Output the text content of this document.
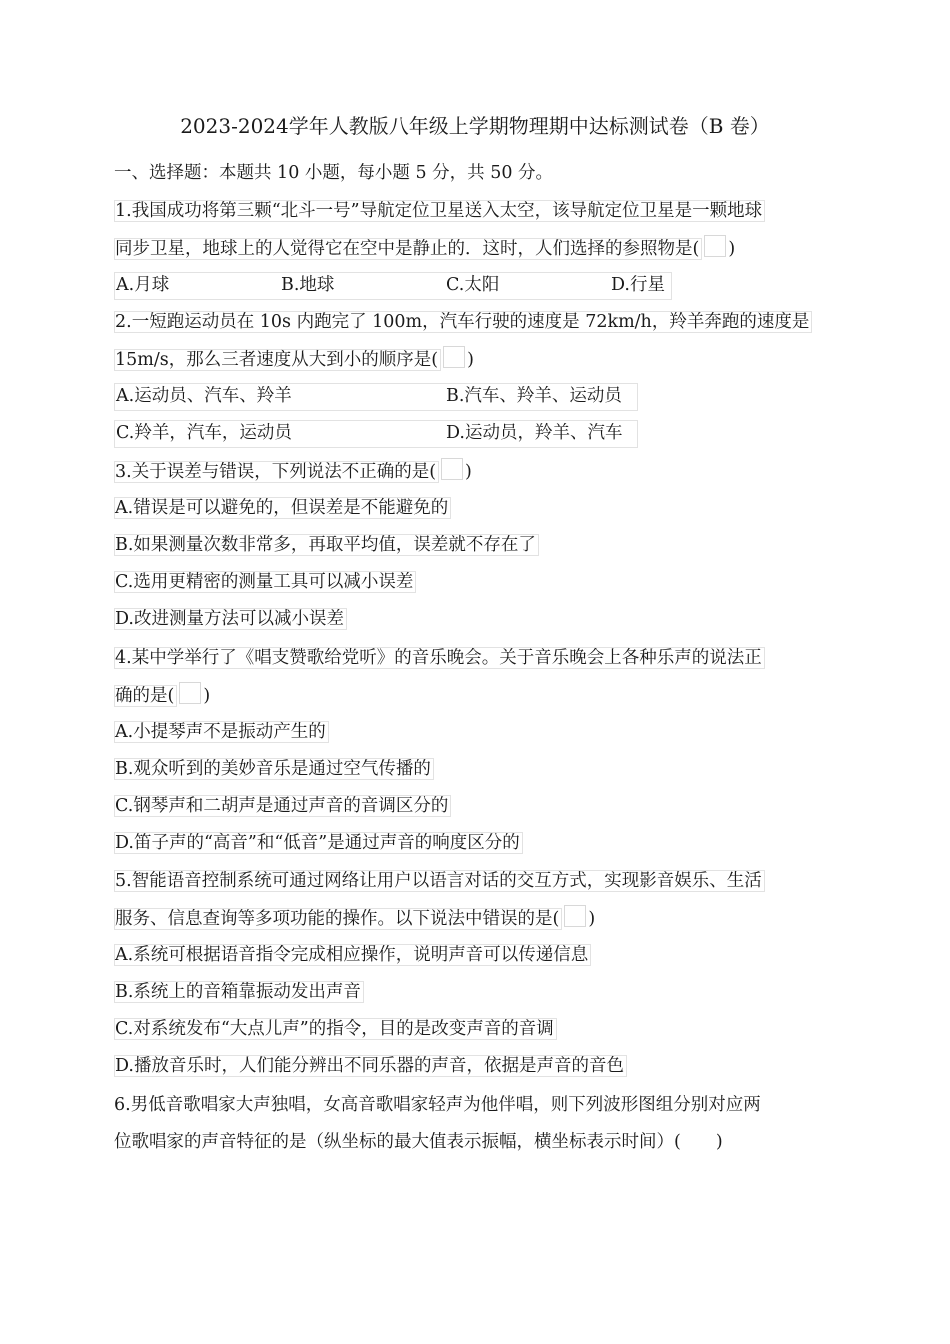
2023-2024学年人教版八年级上学期物理期中达标测试卷（B 卷）
一、选择题：本题共 10 小题，每小题 5 分，共 50 分。
1.我国成功将第三颗“北斗一号”导航定位卫星送入太空，该导航定位卫星是一颗地球
同步卫星，地球上的人觉得它在空中是静止的．这时，人们选择的参照物是( )
A.月球	B.地球	C.太阳	D.行星
2.一短跑运动员在 10s 内跑完了 100m，汽车行驶的速度是 72km/h，羚羊奔跑的速度是
15m/s，那么三者速度从大到小的顺序是( )
A.运动员、汽车、羚羊	B.汽车、羚羊、运动员
C.羚羊，汽车，运动员	D.运动员，羚羊、汽车
3.关于误差与错误，下列说法不正确的是( )
A.错误是可以避免的，但误差是不能避免的
B.如果测量次数非常多，再取平均值，误差就不存在了
C.选用更精密的测量工具可以减小误差
D.改进测量方法可以减小误差
4.某中学举行了《唱支赞歌给党听》的音乐晚会。关于音乐晚会上各种乐声的说法正
确的是( )
A.小提琴声不是振动产生的
B.观众听到的美妙音乐是通过空气传播的
C.钢琴声和二胡声是通过声音的音调区分的
D.笛子声的“高音”和“低音”是通过声音的响度区分的
5.智能语音控制系统可通过网络让用户以语言对话的交互方式，实现影音娱乐、生活
服务、信息查询等多项功能的操作。以下说法中错误的是( )
A.系统可根据语音指令完成相应操作，说明声音可以传递信息
B.系统上的音箱靠振动发出声音
C.对系统发布“大点儿声”的指令，目的是改变声音的音调
D.播放音乐时，人们能分辨出不同乐器的声音，依据是声音的音色
6.男低音歌唱家大声独唱，女高音歌唱家轻声为他伴唱，则下列波形图组分别对应两
位歌唱家的声音特征的是（纵坐标的最大值表示振幅，横坐标表示时间）(　　)
